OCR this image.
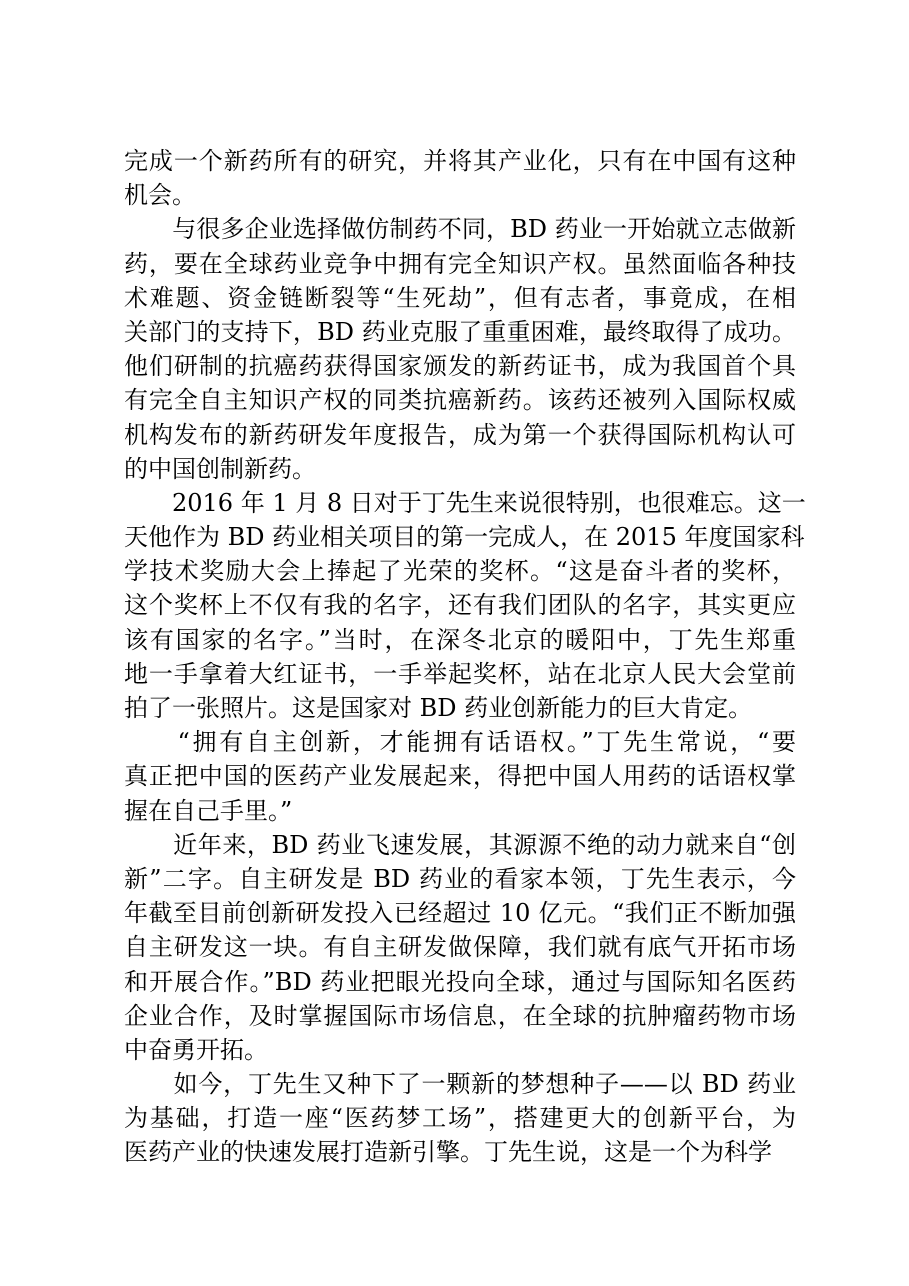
完成一个新药所有的研究，并将其产业化，只有在中国有这种
机会。
　　与很多企业选择做仿制药不同，BD 药业一开始就立志做新
药，要在全球药业竞争中拥有完全知识产权。虽然面临各种技
术难题、资金链断裂等“生死劫”，但有志者，事竟成，在相
关部门的支持下，BD 药业克服了重重困难，最终取得了成功。
他们研制的抗癌药获得国家颁发的新药证书，成为我国首个具
有完全自主知识产权的同类抗癌新药。该药还被列入国际权威
机构发布的新药研发年度报告，成为第一个获得国际机构认可
的中国创制新药。
　　2016 年 1 月 8 日对于丁先生来说很特别，也很难忘。这一
天他作为 BD 药业相关项目的第一完成人，在 2015 年度国家科
学技术奖励大会上捧起了光荣的奖杯。“这是奋斗者的奖杯，
这个奖杯上不仅有我的名字，还有我们团队的名字，其实更应
该有国家的名字。”当时，在深冬北京的暖阳中，丁先生郑重
地一手拿着大红证书，一手举起奖杯，站在北京人民大会堂前
拍了一张照片。这是国家对 BD 药业创新能力的巨大肯定。
　　“拥有自主创新，才能拥有话语权。”丁先生常说，“要
真正把中国的医药产业发展起来，得把中国人用药的话语权掌
握在自己手里。”
　　近年来，BD 药业飞速发展，其源源不绝的动力就来自“创
新”二字。自主研发是 BD 药业的看家本领，丁先生表示，今
年截至目前创新研发投入已经超过 10 亿元。“我们正不断加强
自主研发这一块。有自主研发做保障，我们就有底气开拓市场
和开展合作。”BD 药业把眼光投向全球，通过与国际知名医药
企业合作，及时掌握国际市场信息，在全球的抗肿瘤药物市场
中奋勇开拓。
　　如今，丁先生又种下了一颗新的梦想种子——以 BD 药业
为基础，打造一座“医药梦工场”，搭建更大的创新平台，为
医药产业的快速发展打造新引擎。丁先生说，这是一个为科学
